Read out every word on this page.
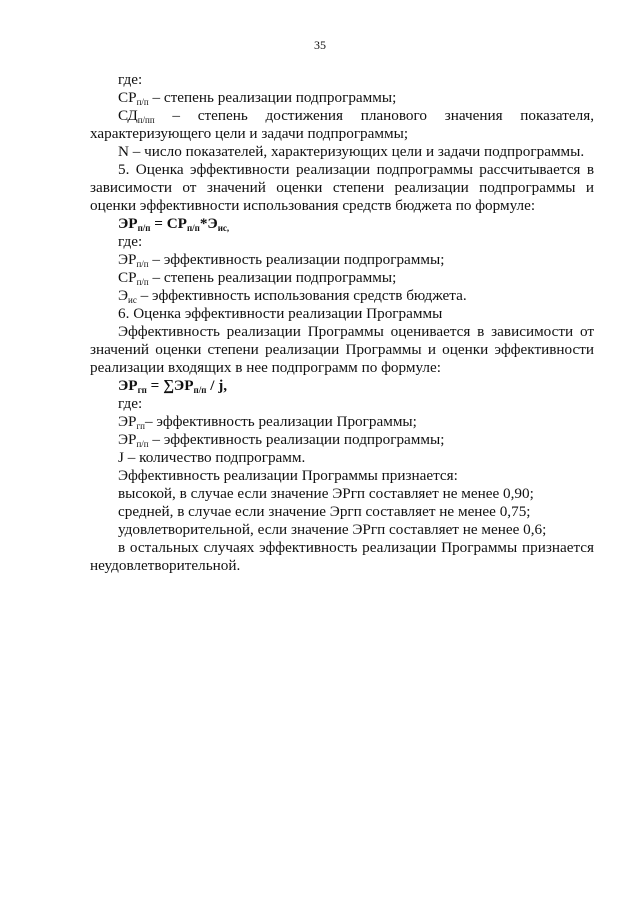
35
где:
$СР_{п/п}$ – степень реализации подпрограммы;
$СД_{п/пп}$ – степень достижения планового значения показателя, характеризующего цели и задачи подпрограммы;
N – число показателей, характеризующих цели и задачи подпрограммы.
5. Оценка эффективности реализации подпрограммы рассчитывается в зависимости от значений оценки степени реализации подпрограммы и оценки эффективности использования средств бюджета по формуле:
$ЭР_{п/п} = СР_{п/п}*Э_{ис,}$
где:
$ЭР_{п/п}$ – эффективность реализации подпрограммы;
$СР_{п/п}$ – степень реализации подпрограммы;
$Э_{ис}$ – эффективность использования средств бюджета.
6. Оценка эффективности реализации Программы
Эффективность реализации Программы оценивается в зависимости от значений оценки степени реализации Программы и оценки эффективности реализации входящих в нее подпрограмм по формуле:
$ЭР_{гп} = \sum ЭР_{п/п} / j$,
где:
$ЭР_{гп}-$ эффективность реализации Программы;
$ЭР_{п/п}$ – эффективность реализации подпрограммы;
J – количество подпрограмм.
Эффективность реализации Программы признается:
высокой, в случае если значение ЭРгп составляет не менее 0,90;
средней, в случае если значение Эргп составляет не менее 0,75;
удовлетворительной, если значение ЭРгп составляет не менее 0,6;
в остальных случаях эффективность реализации Программы признается неудовлетворительной.
